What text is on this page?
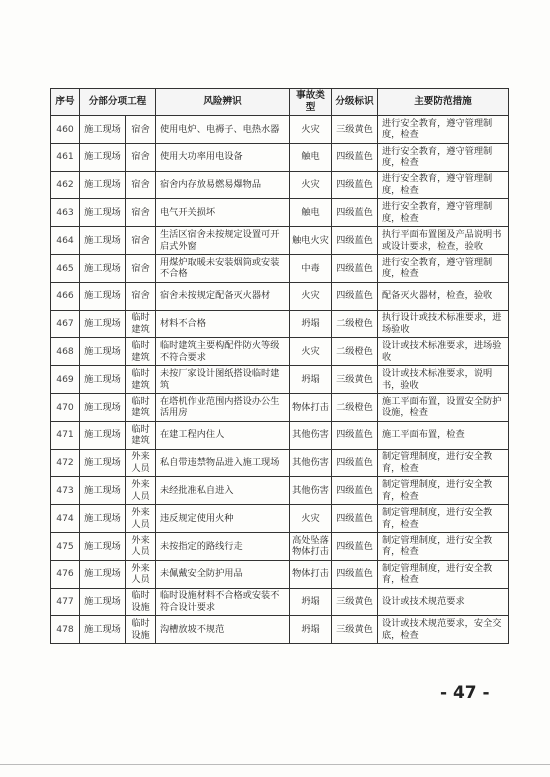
序号	分部分项工程		风险辨识	事故类型	分级标识	主要防范措施
460	施工现场	宿舍	使用电炉、电褥子、电热水器	火灾	三级黄色	进行安全教育，遵守管理制度，检查
461	施工现场	宿舍	使用大功率用电设备	触电	四级蓝色	进行安全教育，遵守管理制度，检查
462	施工现场	宿舍	宿舍内存放易燃易爆物品	火灾	四级蓝色	进行安全教育，遵守管理制度，检查
463	施工现场	宿舍	电气开关损坏	触电	四级蓝色	进行安全教育，遵守管理制度，检查
464	施工现场	宿舍	生活区宿舍未按规定设置可开启式外窗	触电火灾	四级蓝色	执行平面布置图及产品说明书或设计要求，检查，验收
465	施工现场	宿舍	用煤炉取暖未安装烟筒或安装不合格	中毒	四级蓝色	进行安全教育，遵守管理制度，检查
466	施工现场	宿舍	宿舍未按规定配备灭火器材	火灾	四级蓝色	配备灭火器材，检查，验收
467	施工现场	临时建筑	材料不合格	坍塌	二级橙色	执行设计或技术标准要求，进场验收
468	施工现场	临时建筑	临时建筑主要构配件防火等级不符合要求	火灾	二级橙色	设计或技术标准要求，进场验收
469	施工现场	临时建筑	未按厂家设计图纸搭设临时建筑	坍塌	三级黄色	设计或技术标准要求，说明书，验收
470	施工现场	临时建筑	在塔机作业范围内搭设办公生活用房	物体打击	二级橙色	施工平面布置，设置安全防护设施，检查
471	施工现场	临时建筑	在建工程内住人	其他伤害	四级蓝色	施工平面布置，检查
472	施工现场	外来人员	私自带违禁物品进入施工现场	其他伤害	四级蓝色	制定管理制度，进行安全教育，检查
473	施工现场	外来人员	未经批准私自进入	其他伤害	四级蓝色	制定管理制度，进行安全教育，检查
474	施工现场	外来人员	违反规定使用火种	火灾	四级蓝色	制定管理制度，进行安全教育，检查
475	施工现场	外来人员	未按指定的路线行走	高处坠落物体打击	四级蓝色	制定管理制度，进行安全教育，检查
476	施工现场	外来人员	未佩戴安全防护用品	物体打击	四级蓝色	制定管理制度，进行安全教育，检查
477	施工现场	临时设施	临时设施材料不合格或安装不符合设计要求	坍塌	三级黄色	设计或技术规范要求
478	施工现场	临时设施	沟槽放坡不规范	坍塌	三级黄色	设计或技术规范要求，安全交底，检查
- 47 -
